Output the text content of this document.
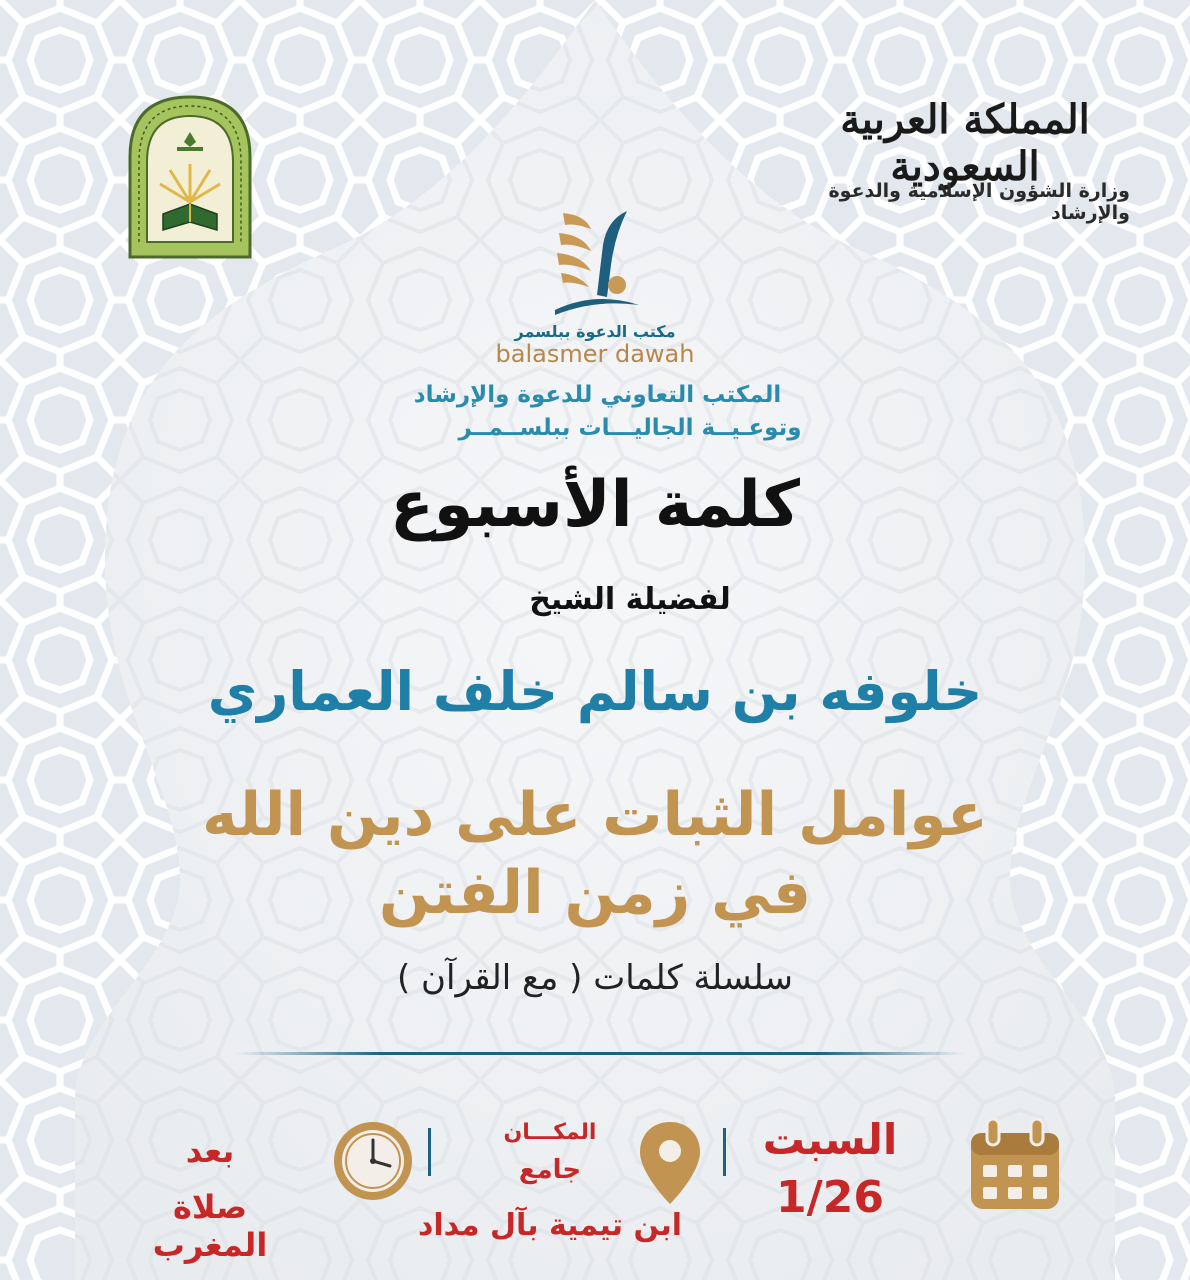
المملكة العربية السعودية
وزارة الشؤون الإسلامية والدعوة والإرشاد
مكتب الدعوة ببلسمر
balasmer dawah
المكتب التعاوني للدعوة والإرشاد
وتوعـيــة الجاليـــات ببلســمــر
كلمة الأسبوع
لفضيلة الشيخ
خلوفه بن سالم خلف العماري
عوامل الثبات على دين الله
في زمن الفتن
سلسلة كلمات ( مع القرآن )
السبت
1/26
المكـــان
جامع
ابن تيمية بآل مداد
بعد
صلاة المغرب
